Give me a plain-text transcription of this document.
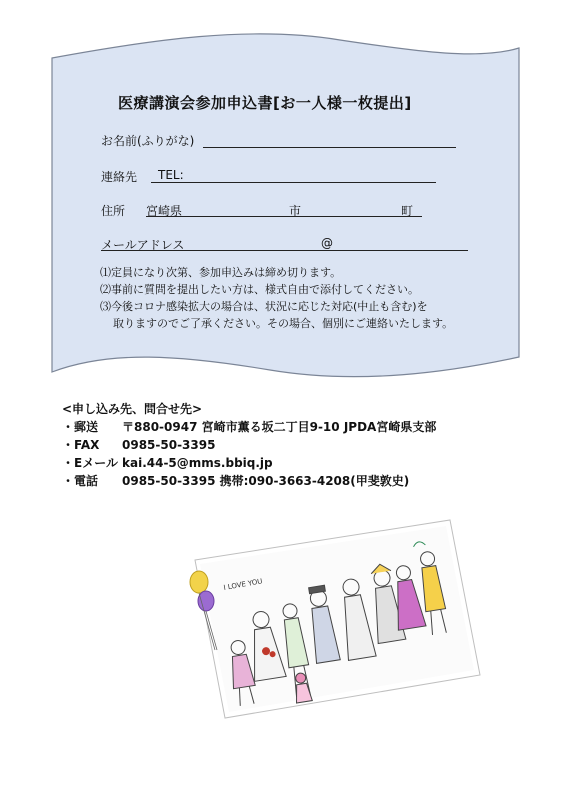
医療講演会参加申込書[お一人様一枚提出]
お名前(ふりがな)
連絡先 TEL:
住所 宮崎県	市	町
メールアドレス	@
⑴定員になり次第、参加申込みは締め切ります。
⑵事前に質問を提出したい方は、様式自由で添付してください。
⑶今後コロナ感染拡大の場合は、状況に応じた対応(中止も含む)を
取りますのでご了承ください。その場合、個別にご連絡いたします。
<申し込み先、問合せ先>
・郵送 〒880-0947 宮崎市薫る坂二丁目9-10 JPDA宮崎県支部
・FAX 0985-50-3395
・Eメール kai.44-5@mms.bbiq.jp
・電話 0985-50-3395 携帯:090-3663-4208(甲斐敦史)
I LOVE YOU
